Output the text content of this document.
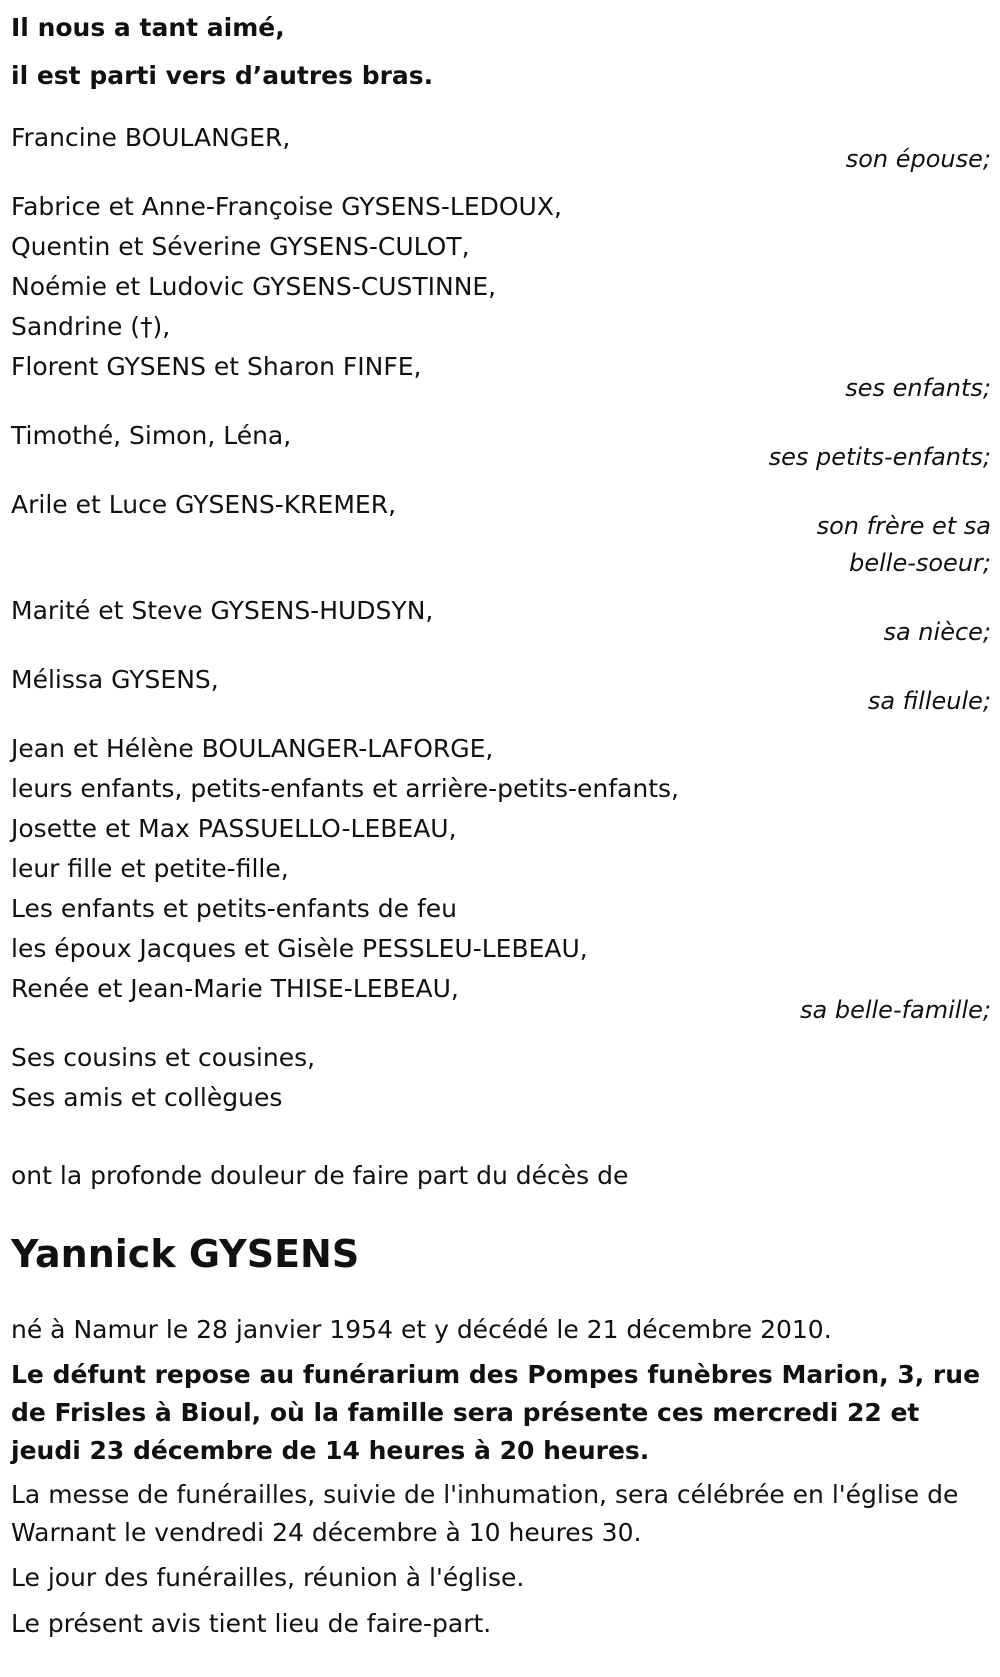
Il nous a tant aimé,
il est parti vers d’autres bras.
Francine BOULANGER,
son épouse;
Fabrice et Anne-Françoise GYSENS-LEDOUX,
Quentin et Séverine GYSENS-CULOT,
Noémie et Ludovic GYSENS-CUSTINNE,
Sandrine (†),
Florent GYSENS et Sharon FINFE,
ses enfants;
Timothé, Simon, Léna,
ses petits-enfants;
Arile et Luce GYSENS-KREMER,
son frère et sa
belle-soeur;
Marité et Steve GYSENS-HUDSYN,
sa nièce;
Mélissa GYSENS,
sa filleule;
Jean et Hélène BOULANGER-LAFORGE,
leurs enfants, petits-enfants et arrière-petits-enfants,
Josette et Max PASSUELLO-LEBEAU,
leur fille et petite-fille,
Les enfants et petits-enfants de feu
les époux Jacques et Gisèle PESSLEU-LEBEAU,
Renée et Jean-Marie THISE-LEBEAU,
sa belle-famille;
Ses cousins et cousines,
Ses amis et collègues

ont la profonde douleur de faire part du décès de

Yannick GYSENS

né à Namur le 28 janvier 1954 et y décédé le 21 décembre 2010.

Le défunt repose au funérarium des Pompes funèbres Marion, 3, rue de Frisles à Bioul, où la famille sera présente ces mercredi 22 et jeudi 23 décembre de 14 heures à 20 heures.

La messe de funérailles, suivie de l'inhumation, sera célébrée en l'église de Warnant le vendredi 24 décembre à 10 heures 30.

Le jour des funérailles, réunion à l'église.

Le présent avis tient lieu de faire-part.
